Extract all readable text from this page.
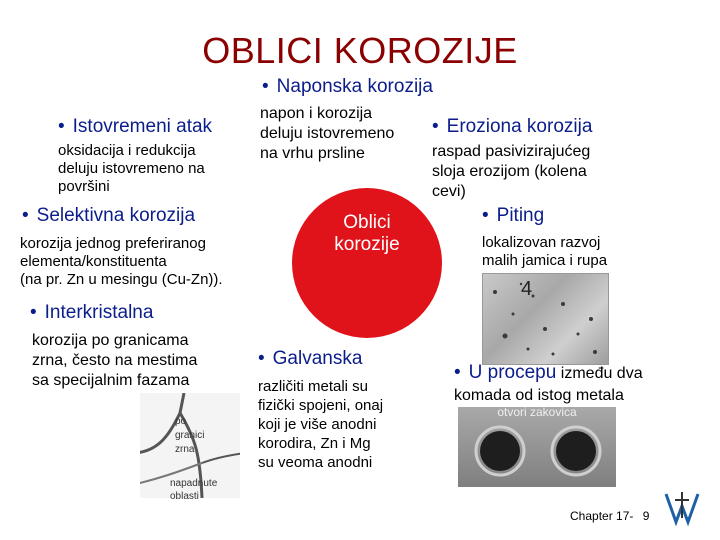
OBLICI KOROZIJE
• Naponska korozija
napon i korozija
deluju istovremeno
na vrhu prsline
• Istovremeni atak
oksidacija i redukcija
deluju istovremeno na
površini
• Eroziona korozija
raspad pasivizirajućeg
sloja erozijom (kolena
cevi)
• Selektivna korozija
korozija jednog preferiranog
elementa/konstituenta
(na pr. Zn u mesingu (Cu-Zn)).
Oblici
korozije
• Piting
lokalizovan razvoj
malih jamica i rupa
4
• Interkristalna
korozija po granicama
zrna, često na mestima
sa specijalnim fazama
po
granici
zrna
napadnute
oblasti
• Galvanska
različiti metali su
fizički spojeni, onaj
koji je više anodni
korodira, Zn i Mg
su veoma anodni
• U procepu između dva
komada od istog metala
otvori zakovica
Chapter 17- 9
